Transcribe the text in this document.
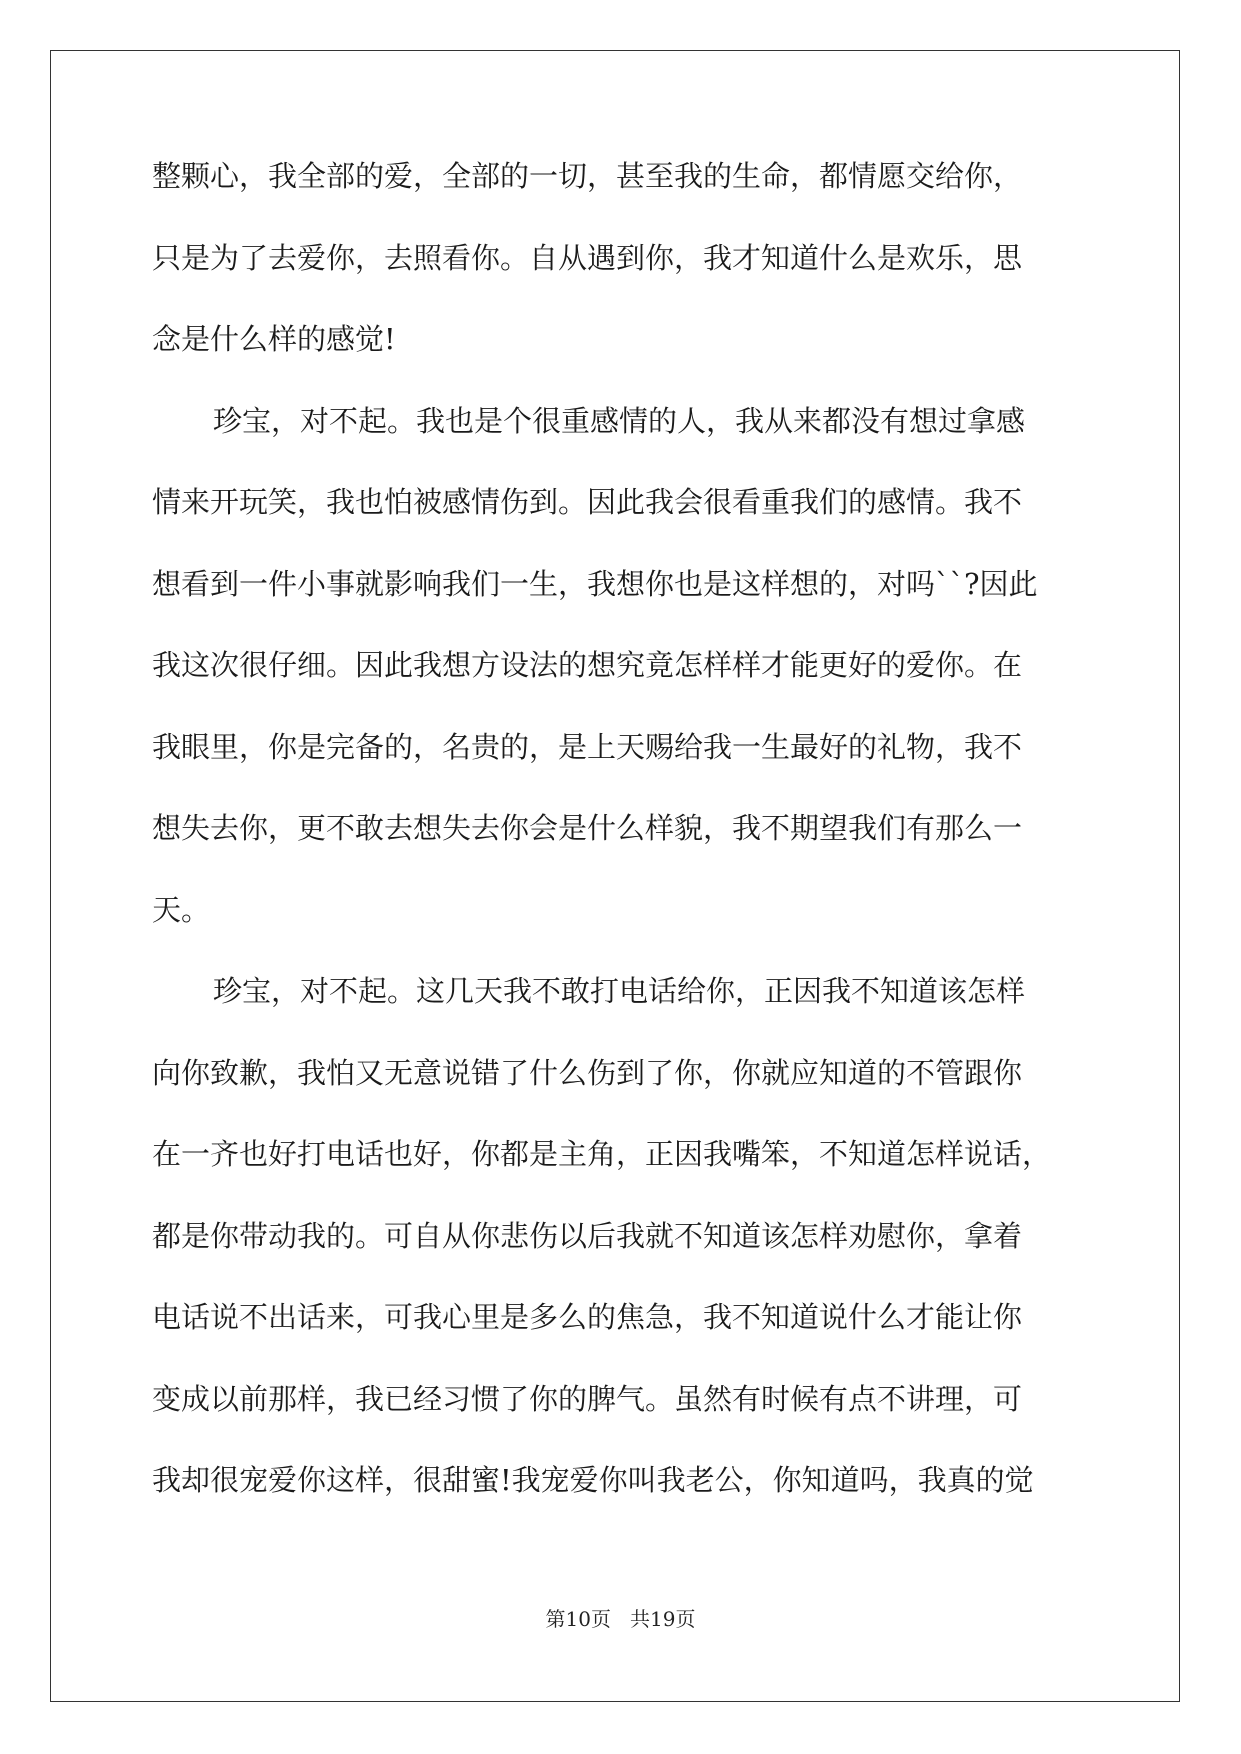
整颗心，我全部的爱，全部的一切，甚至我的生命，都情愿交给你，
只是为了去爱你，去照看你。自从遇到你，我才知道什么是欢乐，思
念是什么样的感觉!
珍宝，对不起。我也是个很重感情的人，我从来都没有想过拿感
情来开玩笑，我也怕被感情伤到。因此我会很看重我们的感情。我不
想看到一件小事就影响我们一生，我想你也是这样想的，对吗``?因此
我这次很仔细。因此我想方设法的想究竟怎样样才能更好的爱你。在
我眼里，你是完备的，名贵的，是上天赐给我一生最好的礼物，我不
想失去你，更不敢去想失去你会是什么样貌，我不期望我们有那么一
天。
珍宝，对不起。这几天我不敢打电话给你，正因我不知道该怎样
向你致歉，我怕又无意说错了什么伤到了你，你就应知道的不管跟你
在一齐也好打电话也好，你都是主角，正因我嘴笨，不知道怎样说话，
都是你带动我的。可自从你悲伤以后我就不知道该怎样劝慰你，拿着
电话说不出话来，可我心里是多么的焦急，我不知道说什么才能让你
变成以前那样，我已经习惯了你的脾气。虽然有时候有点不讲理，可
我却很宠爱你这样，很甜蜜!我宠爱你叫我老公，你知道吗，我真的觉
第10页   共19页
